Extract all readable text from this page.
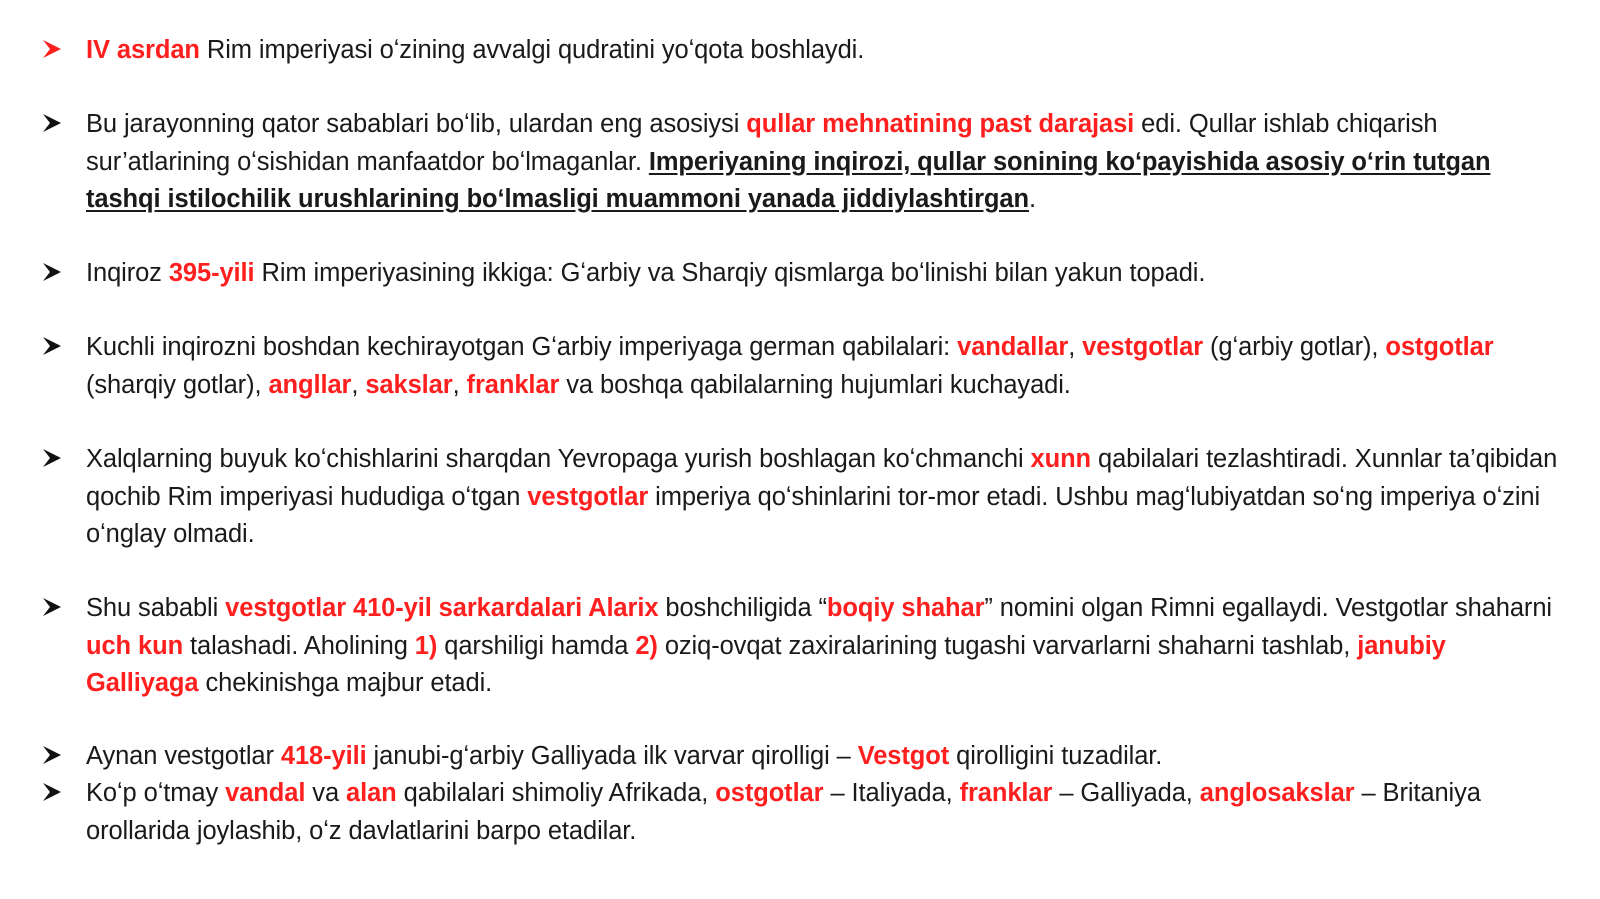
IV asrdan Rim imperiyasi oʻzining avvalgi qudratini yoʻqota boshlaydi.
Bu jarayonning qator sabablari boʻlib, ulardan eng asosiysi qullar mehnatining past darajasi edi. Qullar ishlab chiqarish sur’atlarining oʻsishidan manfaatdor boʻlmaganlar. Imperiyaning inqirozi, qullar sonining koʻpayishida asosiy oʻrin tutgan tashqi istilochilik urushlarining boʻlmasligi muammoni yanada jiddiylashtirgan.
Inqiroz 395-yili Rim imperiyasining ikkiga: Gʻarbiy va Sharqiy qismlarga boʻlinishi bilan yakun topadi.
Kuchli inqirozni boshdan kechirayotgan Gʻarbiy imperiyaga german qabilalari: vandallar, vestgotlar (gʻarbiy gotlar), ostgotlar (sharqiy gotlar), angllar, sakslar, franklar va boshqa qabilalarning hujumlari kuchayadi.
Xalqlarning buyuk koʻchishlarini sharqdan Yevropaga yurish boshlagan koʻchmanchi xunn qabilalari tezlashtiradi. Xunnlar ta’qibidan qochib Rim imperiyasi hududiga oʻtgan vestgotlar imperiya qoʻshinlarini tor-mor etadi. Ushbu magʻlubiyatdan soʻng imperiya oʻzini oʻnglay olmadi.
Shu sababli vestgotlar 410-yil sarkardalari Alarix boshchiligida “boqiy shahar” nomini olgan Rimni egallaydi. Vestgotlar shaharni uch kun talashadi. Aholining 1) qarshiligi hamda 2) oziq-ovqat zaxiralarining tugashi varvarlarni shaharni tashlab, janubiy Galliyaga chekinishga majbur etadi.
Aynan vestgotlar 418-yili janubi-gʻarbiy Galliyada ilk varvar qirolligi – Vestgot qirolligini tuzadilar.
Koʻp oʻtmay vandal va alan qabilalari shimoliy Afrikada, ostgotlar – Italiyada, franklar – Galliyada, anglosakslar – Britaniya orollarida joylashib, oʻz davlatlarini barpo etadilar.
